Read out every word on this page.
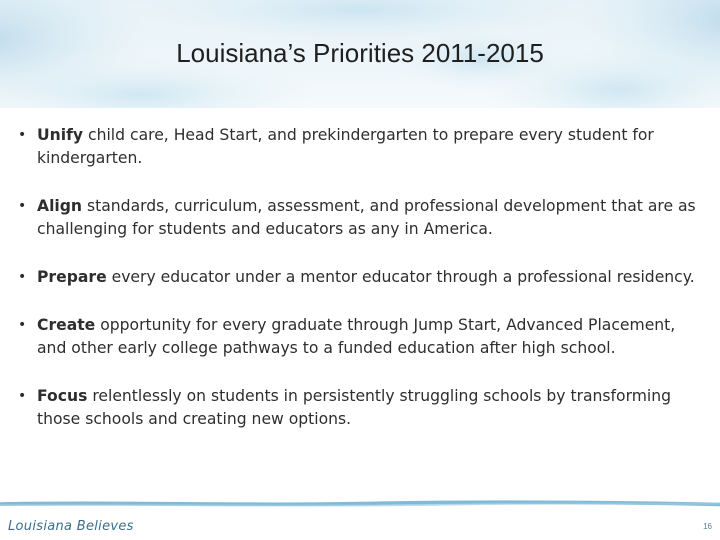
Louisiana’s Priorities 2011-2015
• Unify child care, Head Start, and prekindergarten to prepare every student for kindergarten.
• Align standards, curriculum, assessment, and professional development that are as challenging for students and educators as any in America.
• Prepare every educator under a mentor educator through a professional residency.
• Create opportunity for every graduate through Jump Start, Advanced Placement, and other early college pathways to a funded education after high school.
• Focus relentlessly on students in persistently struggling schools by transforming those schools and creating new options.
Louisiana Believes	16
